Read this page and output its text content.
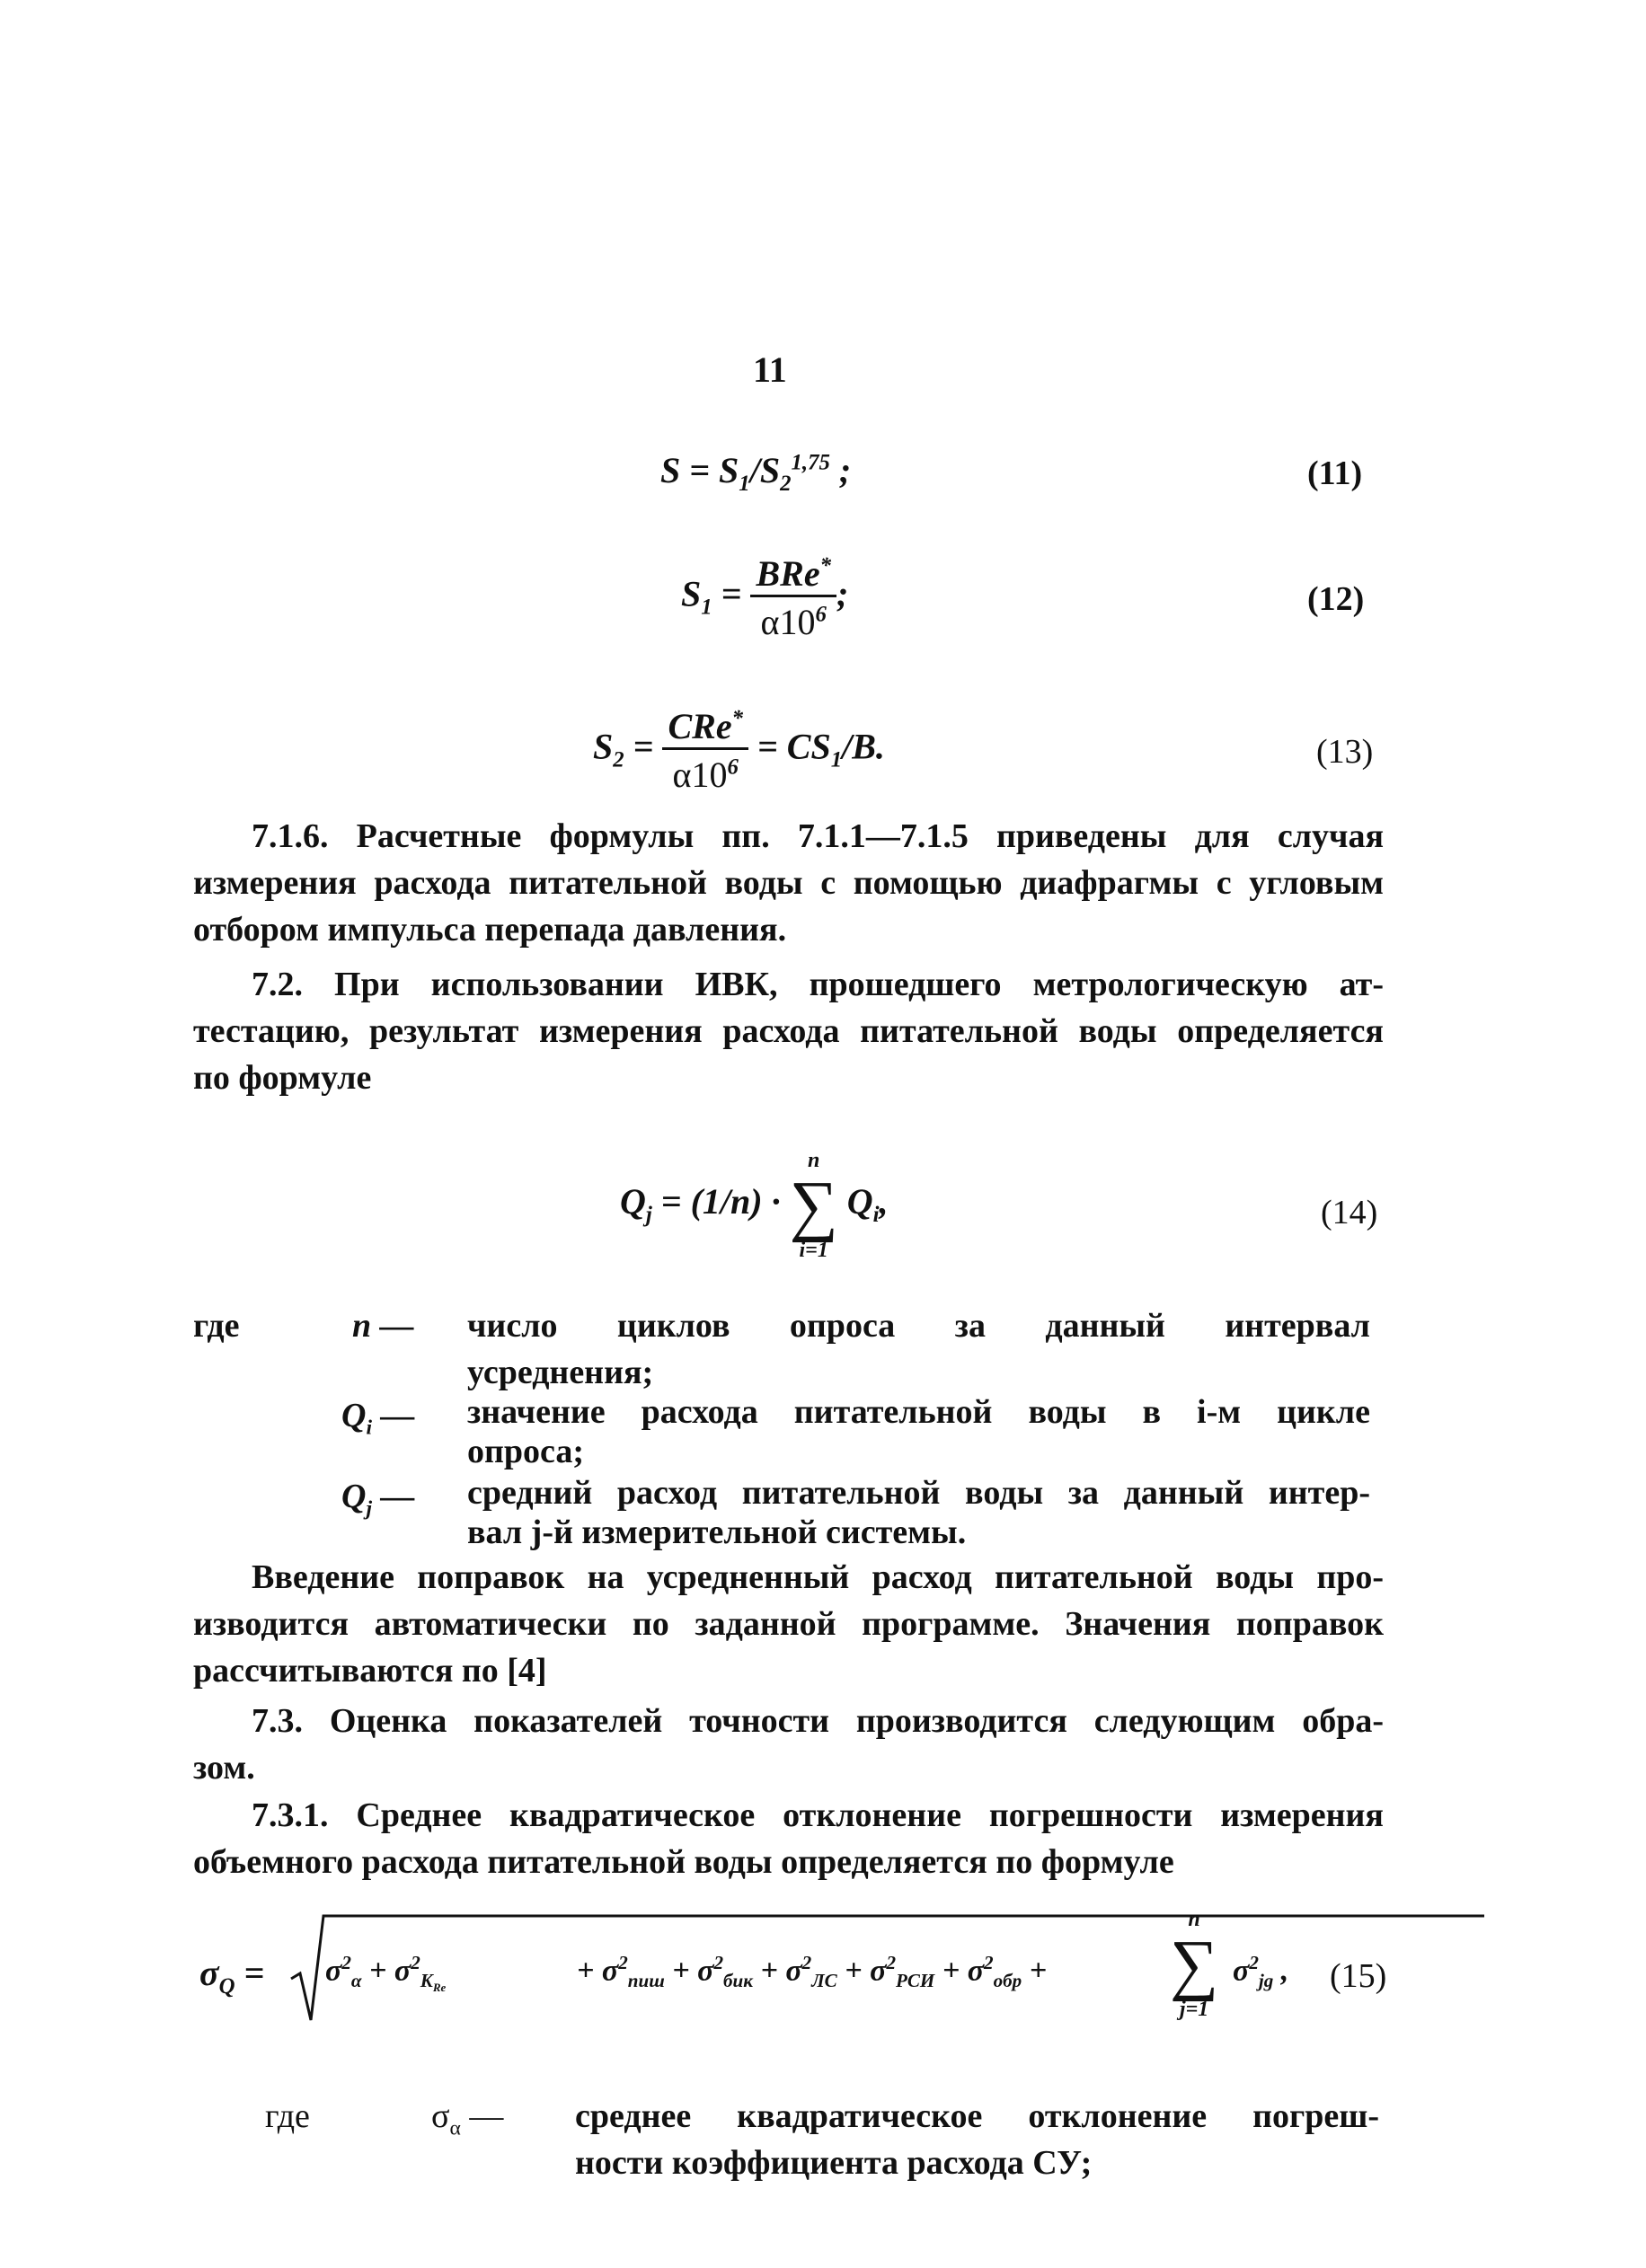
11
$S = S_1/S_2^{1,75}$ ;	(11)
$S_1 = \frac{BRe^*}{\alpha 10^6}$ ;	(12)
$S_2 = \frac{CRe^*}{\alpha 10^6} = CS_1/B$.	(13)
7.1.6. Расчетные формулы пп. 7.1.1—7.1.5 приведены для случая
измерения расхода питательной воды с помощью диафрагмы с угловым
отбором импульса перепада давления.
7.2. При использовании ИВК, прошедшего метрологическую ат-
тестацию, результат измерения расхода питательной воды определяется
по формуле
$Q_j = (1/n)$ ·
n
∑
i=1
$Q_i$,	(14)
где	n — число циклов опроса за данный интервал
усреднения;
$Q_i$ — значение расхода питательной воды в i-м цикле
опроса;
$Q_j$ — средний расход питательной воды за данный интер-
вал j-й измерительной системы.
Введение поправок на усредненный расход питательной воды про-
изводится автоматически по заданной программе. Значения поправок
рассчитываются по [4]
7.3. Оценка показателей точности производится следующим обра-
зом.
7.3.1. Среднее квадратическое отклонение погрешности измерения
объемного расхода питательной воды определяется по формуле
$\sigma_Q = \sigma^2_\alpha + \sigma^2_{K_{Re}}$
+ $\sigma^2_{пиш} + \sigma^2_{бик} + \sigma^2_{ЛС} + \sigma^2_{РСИ} + \sigma^2_{обр}$ +
n
∑
j=1
$\sigma^2_{jg}$ , (15)
где	$\sigma_\alpha$ — среднее квадратическое отклонение погреш-
ности коэффициента расхода СУ;
